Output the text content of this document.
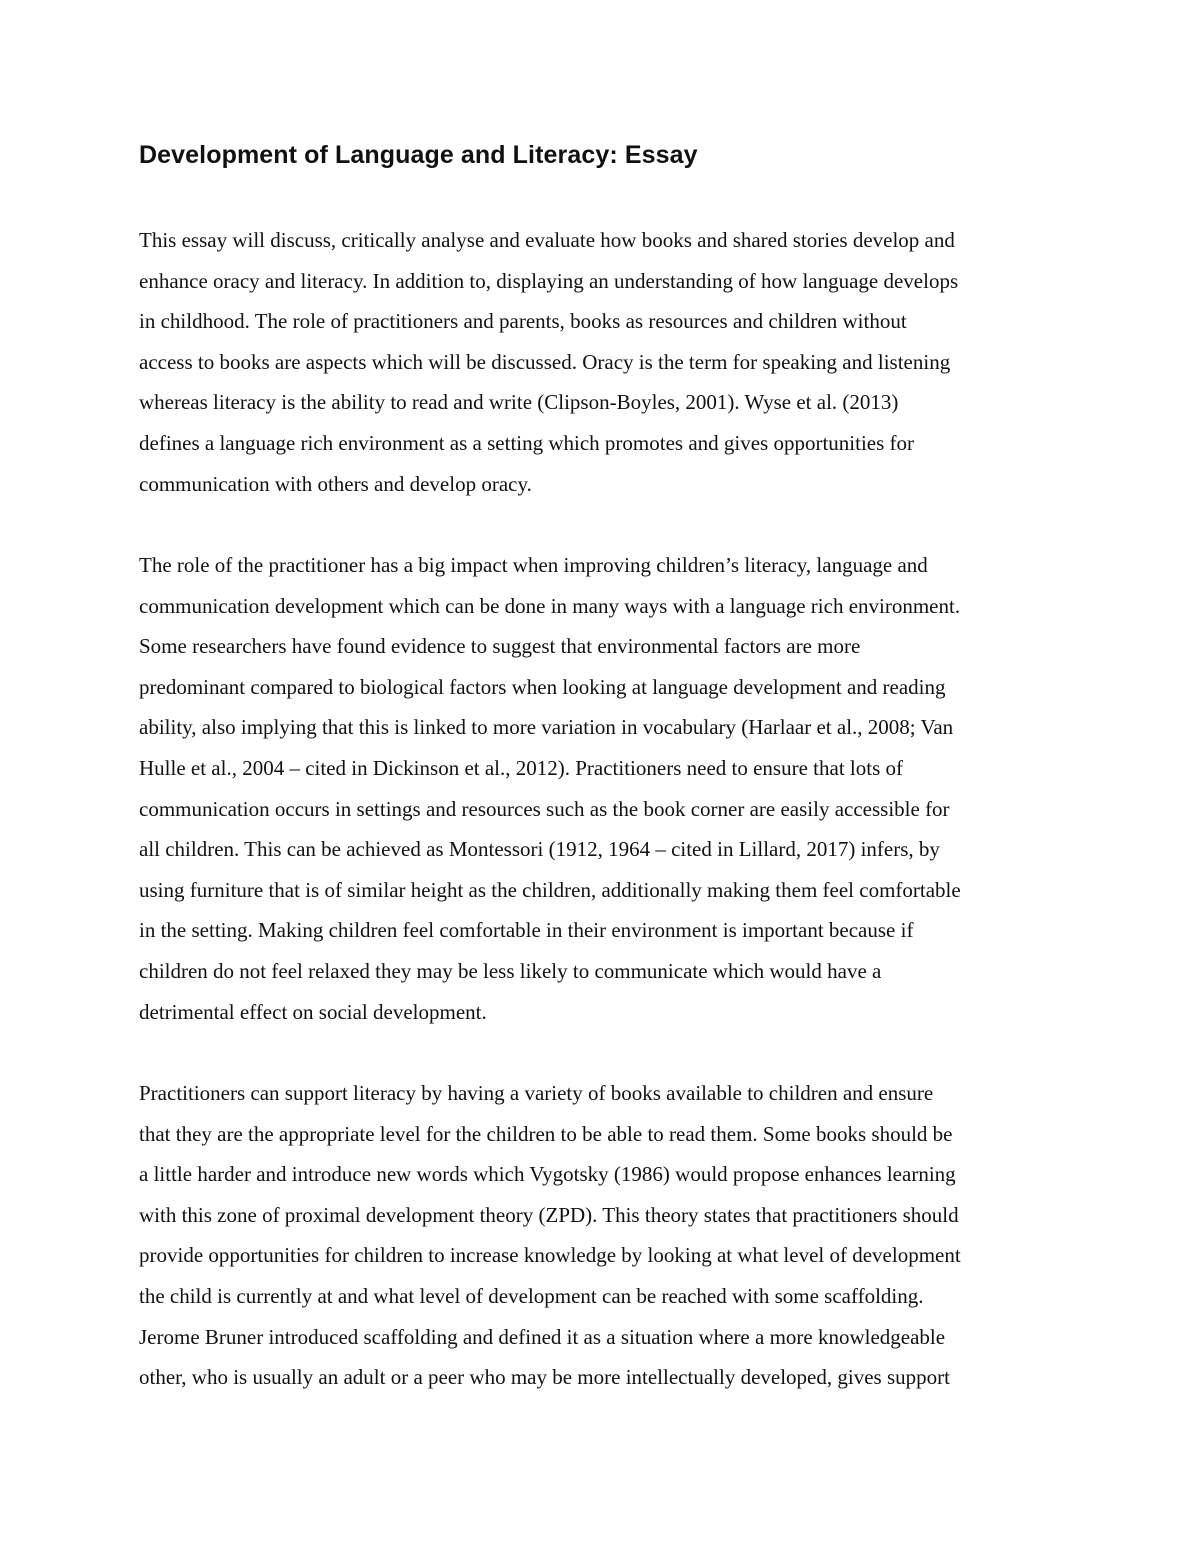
Development of Language and Literacy: Essay

This essay will discuss, critically analyse and evaluate how books and shared stories develop and
enhance oracy and literacy. In addition to, displaying an understanding of how language develops
in childhood. The role of practitioners and parents, books as resources and children without
access to books are aspects which will be discussed. Oracy is the term for speaking and listening
whereas literacy is the ability to read and write (Clipson-Boyles, 2001). Wyse et al. (2013)
defines a language rich environment as a setting which promotes and gives opportunities for
communication with others and develop oracy.

The role of the practitioner has a big impact when improving children’s literacy, language and
communication development which can be done in many ways with a language rich environment.
Some researchers have found evidence to suggest that environmental factors are more
predominant compared to biological factors when looking at language development and reading
ability, also implying that this is linked to more variation in vocabulary (Harlaar et al., 2008; Van
Hulle et al., 2004 – cited in Dickinson et al., 2012). Practitioners need to ensure that lots of
communication occurs in settings and resources such as the book corner are easily accessible for
all children. This can be achieved as Montessori (1912, 1964 – cited in Lillard, 2017) infers, by
using furniture that is of similar height as the children, additionally making them feel comfortable
in the setting. Making children feel comfortable in their environment is important because if
children do not feel relaxed they may be less likely to communicate which would have a
detrimental effect on social development.

Practitioners can support literacy by having a variety of books available to children and ensure
that they are the appropriate level for the children to be able to read them. Some books should be
a little harder and introduce new words which Vygotsky (1986) would propose enhances learning
with this zone of proximal development theory (ZPD). This theory states that practitioners should
provide opportunities for children to increase knowledge by looking at what level of development
the child is currently at and what level of development can be reached with some scaffolding.
Jerome Bruner introduced scaffolding and defined it as a situation where a more knowledgeable
other, who is usually an adult or a peer who may be more intellectually developed, gives support
